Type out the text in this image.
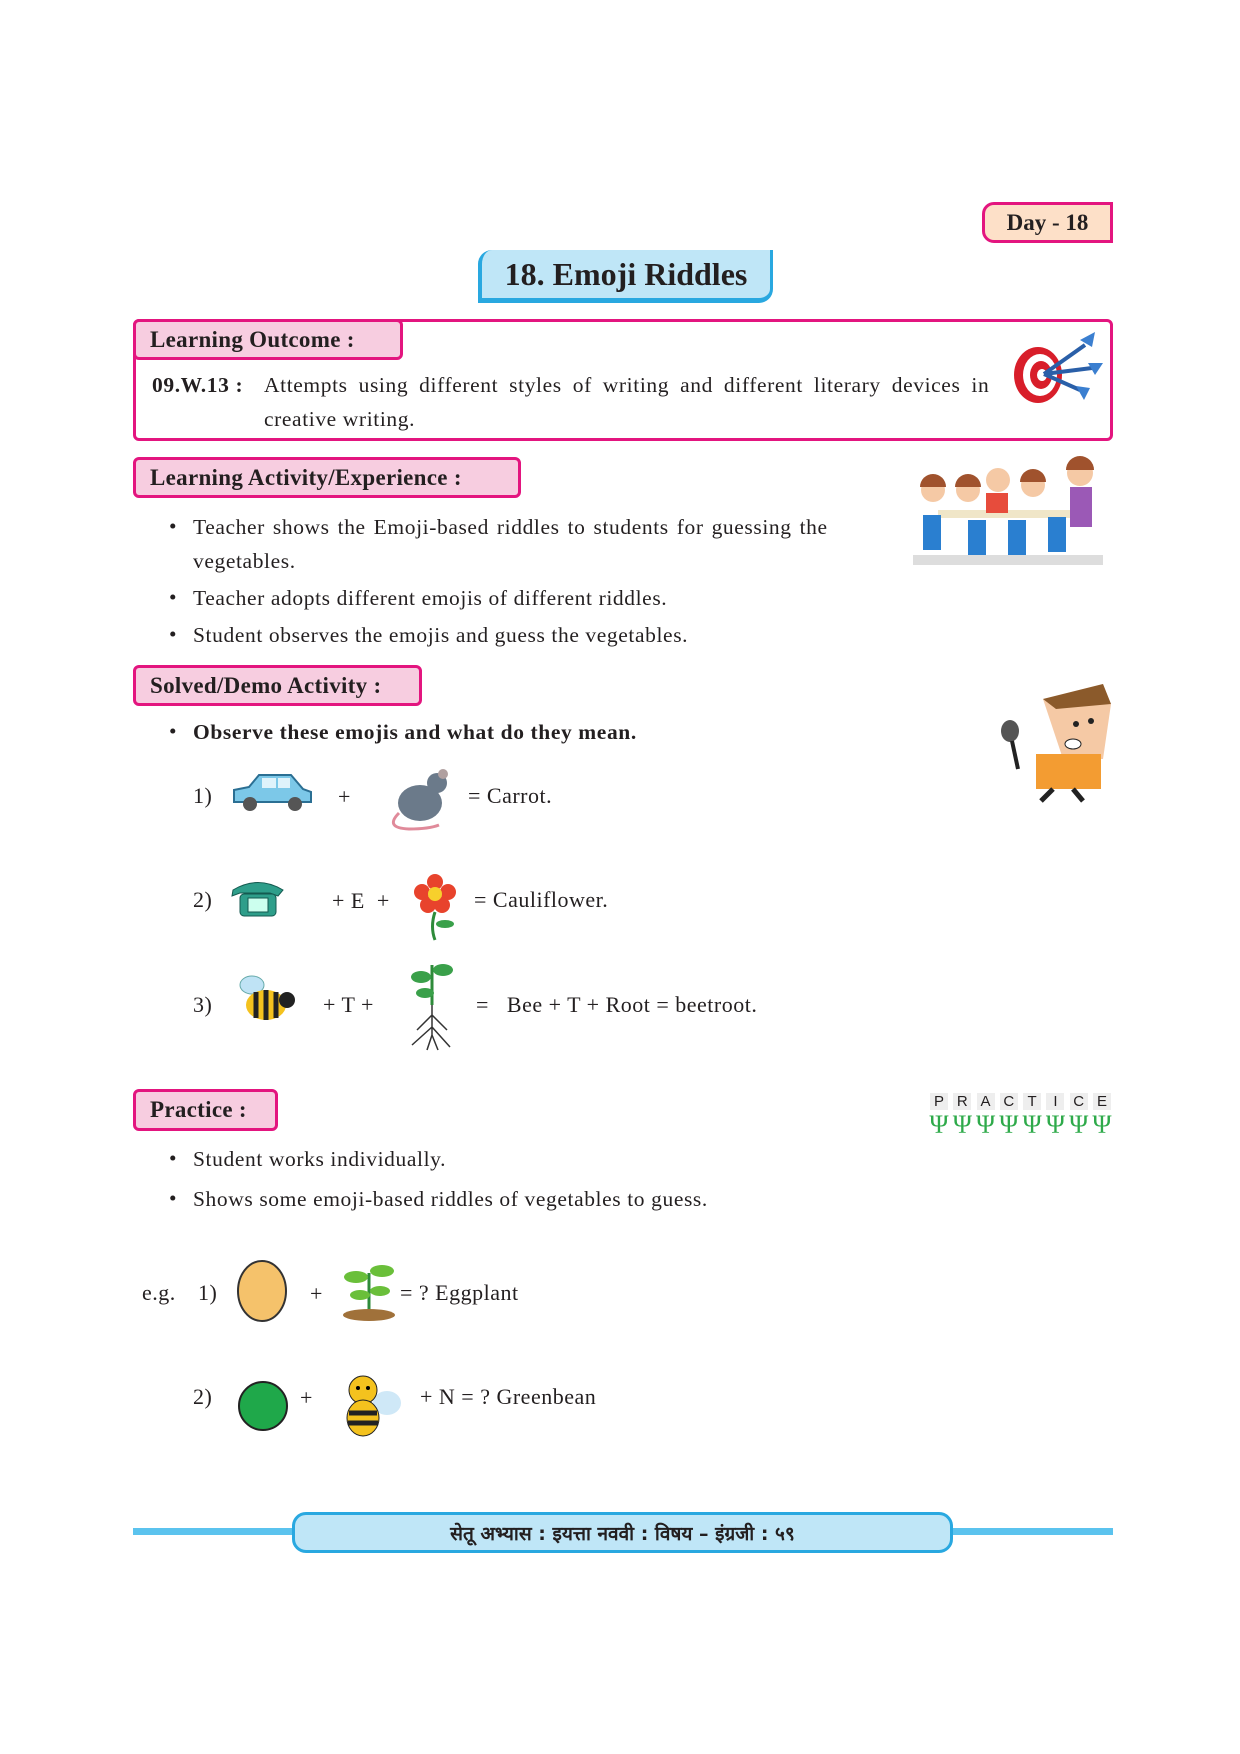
Day - 18
18. Emoji Riddles
Learning Outcome :
09.W.13 : Attempts using different styles of writing and different literary devices in
creative writing.
Learning Activity/Experience :
• Teacher shows the Emoji-based riddles to students for guessing the
vegetables.
• Teacher adopts different emojis of different riddles.
• Student observes the emojis and guess the vegetables.
Solved/Demo Activity :
• Observe these emojis and what do they mean.
1)	+	= Carrot.
2)	+ E  +	= Cauliflower.
3)	+ T +	=   Bee + T + Root = beetroot.
Practice :	P
Ψ
R
Ψ
A
Ψ
C
Ψ
T
Ψ
I
Ψ
C
Ψ
E
Ψ
• Student works individually.
• Shows some emoji-based riddles of vegetables to guess.
e.g. 1)	+	= ? Eggplant
2)	+	+ N = ? Greenbean
सेतू अभ्यास : इयत्ता नववी : विषय – इंग्रजी : ५९
